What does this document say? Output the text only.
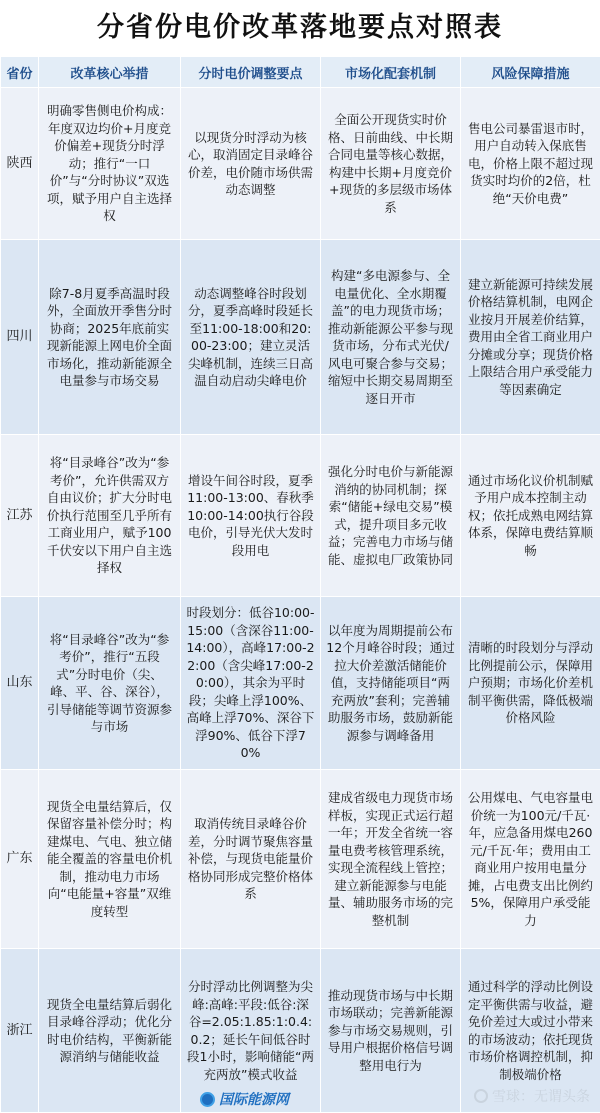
分省份电价改革落地要点对照表
省份	改革核心举措	分时电价调整要点	市场化配套机制	风险保障措施
陕西	明确零售侧电价构成：年度双边均价+月度竞价偏差+现货分时浮动；推行“一口价”与“分时协议”双选项，赋予用户自主选择权	以现货分时浮动为核心，取消固定目录峰谷价差，电价随市场供需动态调整	全面公开现货实时价格、日前曲线、中长期合同电量等核心数据，构建中长期+月度竞价+现货的多层级市场体系	售电公司暴雷退市时，用户自动转入保底售电，价格上限不超过现货实时均价的2倍，杜绝“天价电费”
四川	除7-8月夏季高温时段外，全面放开季售分时协商；2025年底前实现新能源上网电价全面市场化，推动新能源全电量参与市场交易	动态调整峰谷时段划分，夏季高峰时段延长至11:00-18:00和20:00-23:00；建立灵活尖峰机制，连续三日高温自动启动尖峰电价	构建“多电源参与、全电量优化、全水期覆盖”的电力现货市场；推动新能源公平参与现货市场，分布式光伏/风电可聚合参与交易；缩短中长期交易周期至逐日开市	建立新能源可持续发展价格结算机制，电网企业按月开展差价结算，费用由全省工商业用户分摊或分享；现货价格上限结合用户承受能力等因素确定
江苏	将“目录峰谷”改为“参考价”，允许供需双方自由议价；扩大分时电价执行范围至几乎所有工商业用户，赋予100千伏安以下用户自主选择权	增设午间谷时段，夏季11:00-13:00、春秋季10:00-14:00执行谷段电价，引导光伏大发时段用电	强化分时电价与新能源消纳的协同机制；探索“储能+绿电交易”模式，提升项目多元收益；完善电力市场与储能、虚拟电厂政策协同	通过市场化议价机制赋予用户成本控制主动权；依托成熟电网结算体系，保障电费结算顺畅
山东	将“目录峰谷”改为“参考价”，推行“五段式”分时电价（尖、峰、平、谷、深谷），引导储能等调节资源参与市场	时段划分：低谷10:00-15:00（含深谷11:00-14:00），高峰17:00-22:00（含尖峰17:00-20:00），其余为平时段；尖峰上浮100%、高峰上浮70%、深谷下浮90%、低谷下浮70%	以年度为周期提前公布12个月峰谷时段；通过拉大价差激活储能价值，支持储能项目“两充两放”套利；完善辅助服务市场，鼓励新能源参与调峰备用	清晰的时段划分与浮动比例提前公示，保障用户预期；市场化价差机制平衡供需，降低极端价格风险
广东	现货全电量结算后，仅保留容量补偿分时；构建煤电、气电、独立储能全覆盖的容量电价机制，推动电力市场向“电能量+容量”双维度转型	取消传统目录峰谷价差，分时调节聚焦容量补偿，与现货电能量价格协同形成完整价格体系	建成省级电力现货市场样板，实现正式运行超一年；开发全省统一容量电费考核管理系统，实现全流程线上管控；建立新能源参与电能量、辅助服务市场的完整机制	公用煤电、气电容量电价统一为100元/千瓦·年，应急备用煤电260元/千瓦·年；费用由工商业用户按用电量分摊，占电费支出比例约5%，保障用户承受能力
浙江	现货全电量结算后弱化目录峰谷浮动；优化分时电价结构，平衡新能源消纳与储能收益	分时浮动比例调整为尖峰:高峰:平段:低谷:深谷=2.05:1.85:1:0.4:0.2；延长午间低谷时段1小时，影响储能“两充两放”模式收益	推动现货市场与中长期市场联动；完善新能源参与市场交易规则，引导用户根据价格信号调整用电行为	通过科学的浮动比例设定平衡供需与收益，避免价差过大或过小带来的市场波动；依托现货市场价格调控机制，抑制极端价格
国际能源网	雪球：无谓头条
